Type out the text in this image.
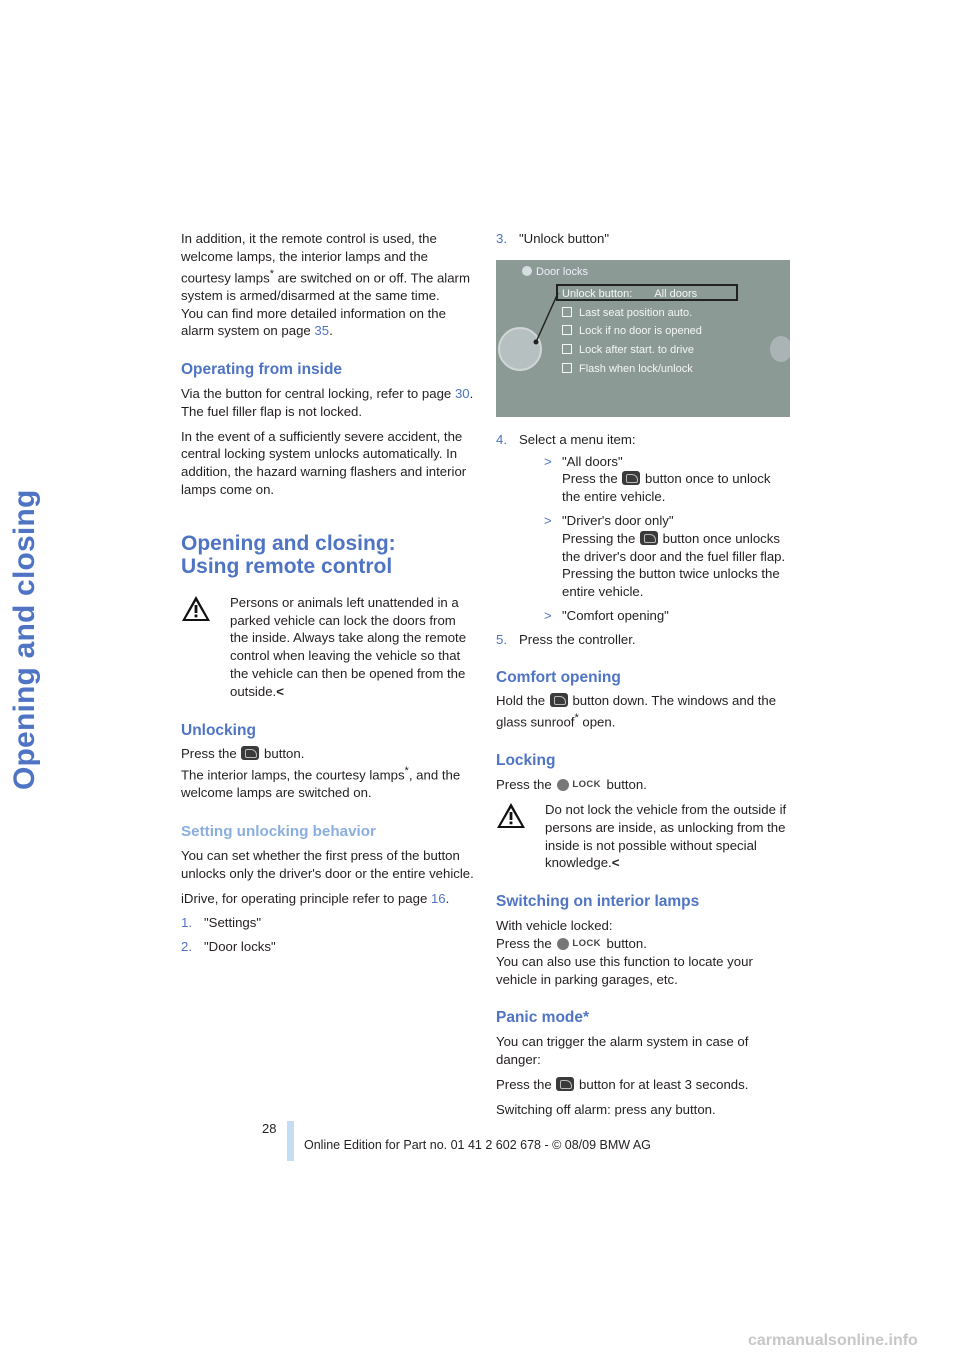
Opening and closing

In addition, it the remote control is used, the welcome lamps, the interior lamps and the courtesy lamps* are switched on or off. The alarm system is armed/disarmed at the same time.
You can find more detailed information on the alarm system on page 35.

Operating from inside

Via the button for central locking, refer to page 30. The fuel filler flap is not locked.

In the event of a sufficiently severe accident, the central locking system unlocks automatically. In addition, the hazard warning flashers and interior lamps come on.

Opening and closing:
Using remote control
Persons or animals left unattended in a parked vehicle can lock the doors from the inside. Always take along the remote control when leaving the vehicle so that the vehicle can then be opened from the outside.<
Unlocking

Press the  button.
The interior lamps, the courtesy lamps*, and the welcome lamps are switched on.

Setting unlocking behavior

You can set whether the first press of the button unlocks only the driver's door or the entire vehicle.

iDrive, for operating principle refer to page 16.

1. "Settings"
2. "Door locks"
3. "Unlock button"
Door locks
Unlock button: All doors
Last seat position auto.
Lock if no door is opened
Lock after start. to drive
Flash when lock/unlock
4. Select a menu item:
> "All doors"
Press the  button once to unlock the entire vehicle.
> "Driver's door only"
Pressing the  button once unlocks the driver's door and the fuel filler flap. Pressing the button twice unlocks the entire vehicle.
> "Comfort opening"
5. Press the controller.
Comfort opening

Hold the  button down. The windows and the glass sunroof* open.

Locking

Press the LOCK button.

Do not lock the vehicle from the outside if persons are inside, as unlocking from the inside is not possible without special knowledge.<
Switching on interior lamps

With vehicle locked:
Press the LOCK button.
You can also use this function to locate your vehicle in parking garages, etc.

Panic mode*

You can trigger the alarm system in case of danger:

Press the  button for at least 3 seconds.

Switching off alarm: press any button.

28
Online Edition for Part no. 01 41 2 602 678 - © 08/09 BMW AG
carmanualsonline.info
